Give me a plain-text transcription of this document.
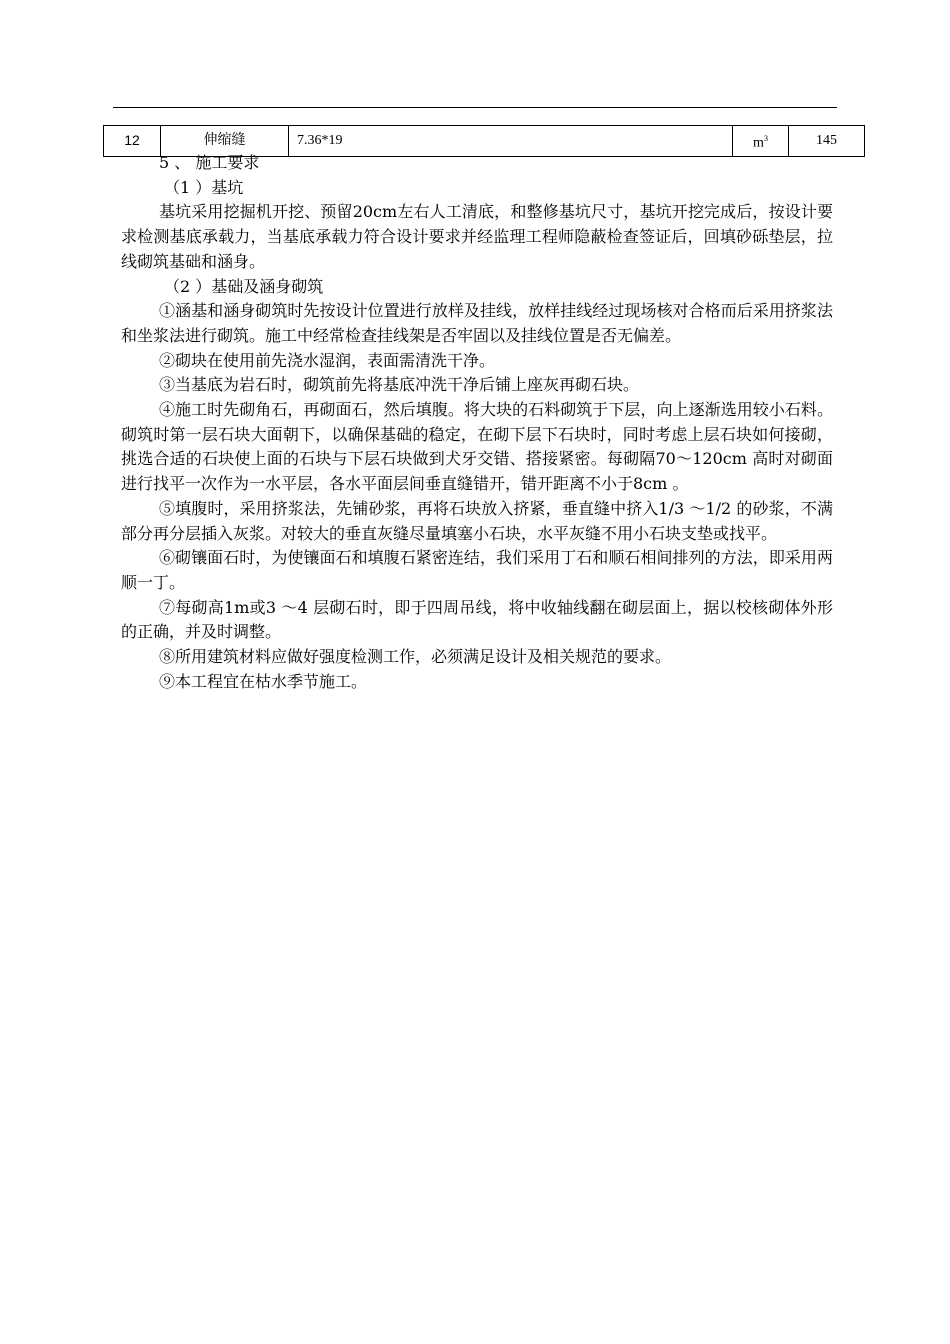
12	伸缩缝	7.36*19	$m^3$	145

5 、 施工要求

（1 ）基坑

基坑采用挖掘机开挖、预留20cm左右人工清底，和整修基坑尺寸，基坑开挖完成后，按设计要求检测基底承载力，当基底承载力符合设计要求并经监理工程师隐蔽检查签证后，回填砂砾垫层，拉线砌筑基础和涵身。

（2 ）基础及涵身砌筑

①涵基和涵身砌筑时先按设计位置进行放样及挂线，放样挂线经过现场核对合格而后采用挤浆法和坐浆法进行砌筑。施工中经常检查挂线架是否牢固以及挂线位置是否无偏差。

②砌块在使用前先浇水湿润，表面需清洗干净。

③当基底为岩石时，砌筑前先将基底冲洗干净后铺上座灰再砌石块。

④施工时先砌角石，再砌面石，然后填腹。将大块的石料砌筑于下层，向上逐渐选用较小石料。砌筑时第一层石块大面朝下，以确保基础的稳定，在砌下层下石块时，同时考虑上层石块如何接砌，挑选合适的石块使上面的石块与下层石块做到犬牙交错、搭接紧密。每砌隔70～120cm 高时对砌面进行找平一次作为一水平层，各水平面层间垂直缝错开，错开距离不小于8cm 。

⑤填腹时，采用挤浆法，先铺砂浆，再将石块放入挤紧，垂直缝中挤入1/3 ～1/2 的砂浆，不满部分再分层插入灰浆。对较大的垂直灰缝尽量填塞小石块，水平灰缝不用小石块支垫或找平。

⑥砌镶面石时，为使镶面石和填腹石紧密连结，我们采用丁石和顺石相间排列的方法，即采用两顺一丁。

⑦每砌高1m或3 ～4 层砌石时，即于四周吊线，将中收轴线翻在砌层面上，据以校核砌体外形的正确，并及时调整。

⑧所用建筑材料应做好强度检测工作，必须满足设计及相关规范的要求。

⑨本工程宜在枯水季节施工。
